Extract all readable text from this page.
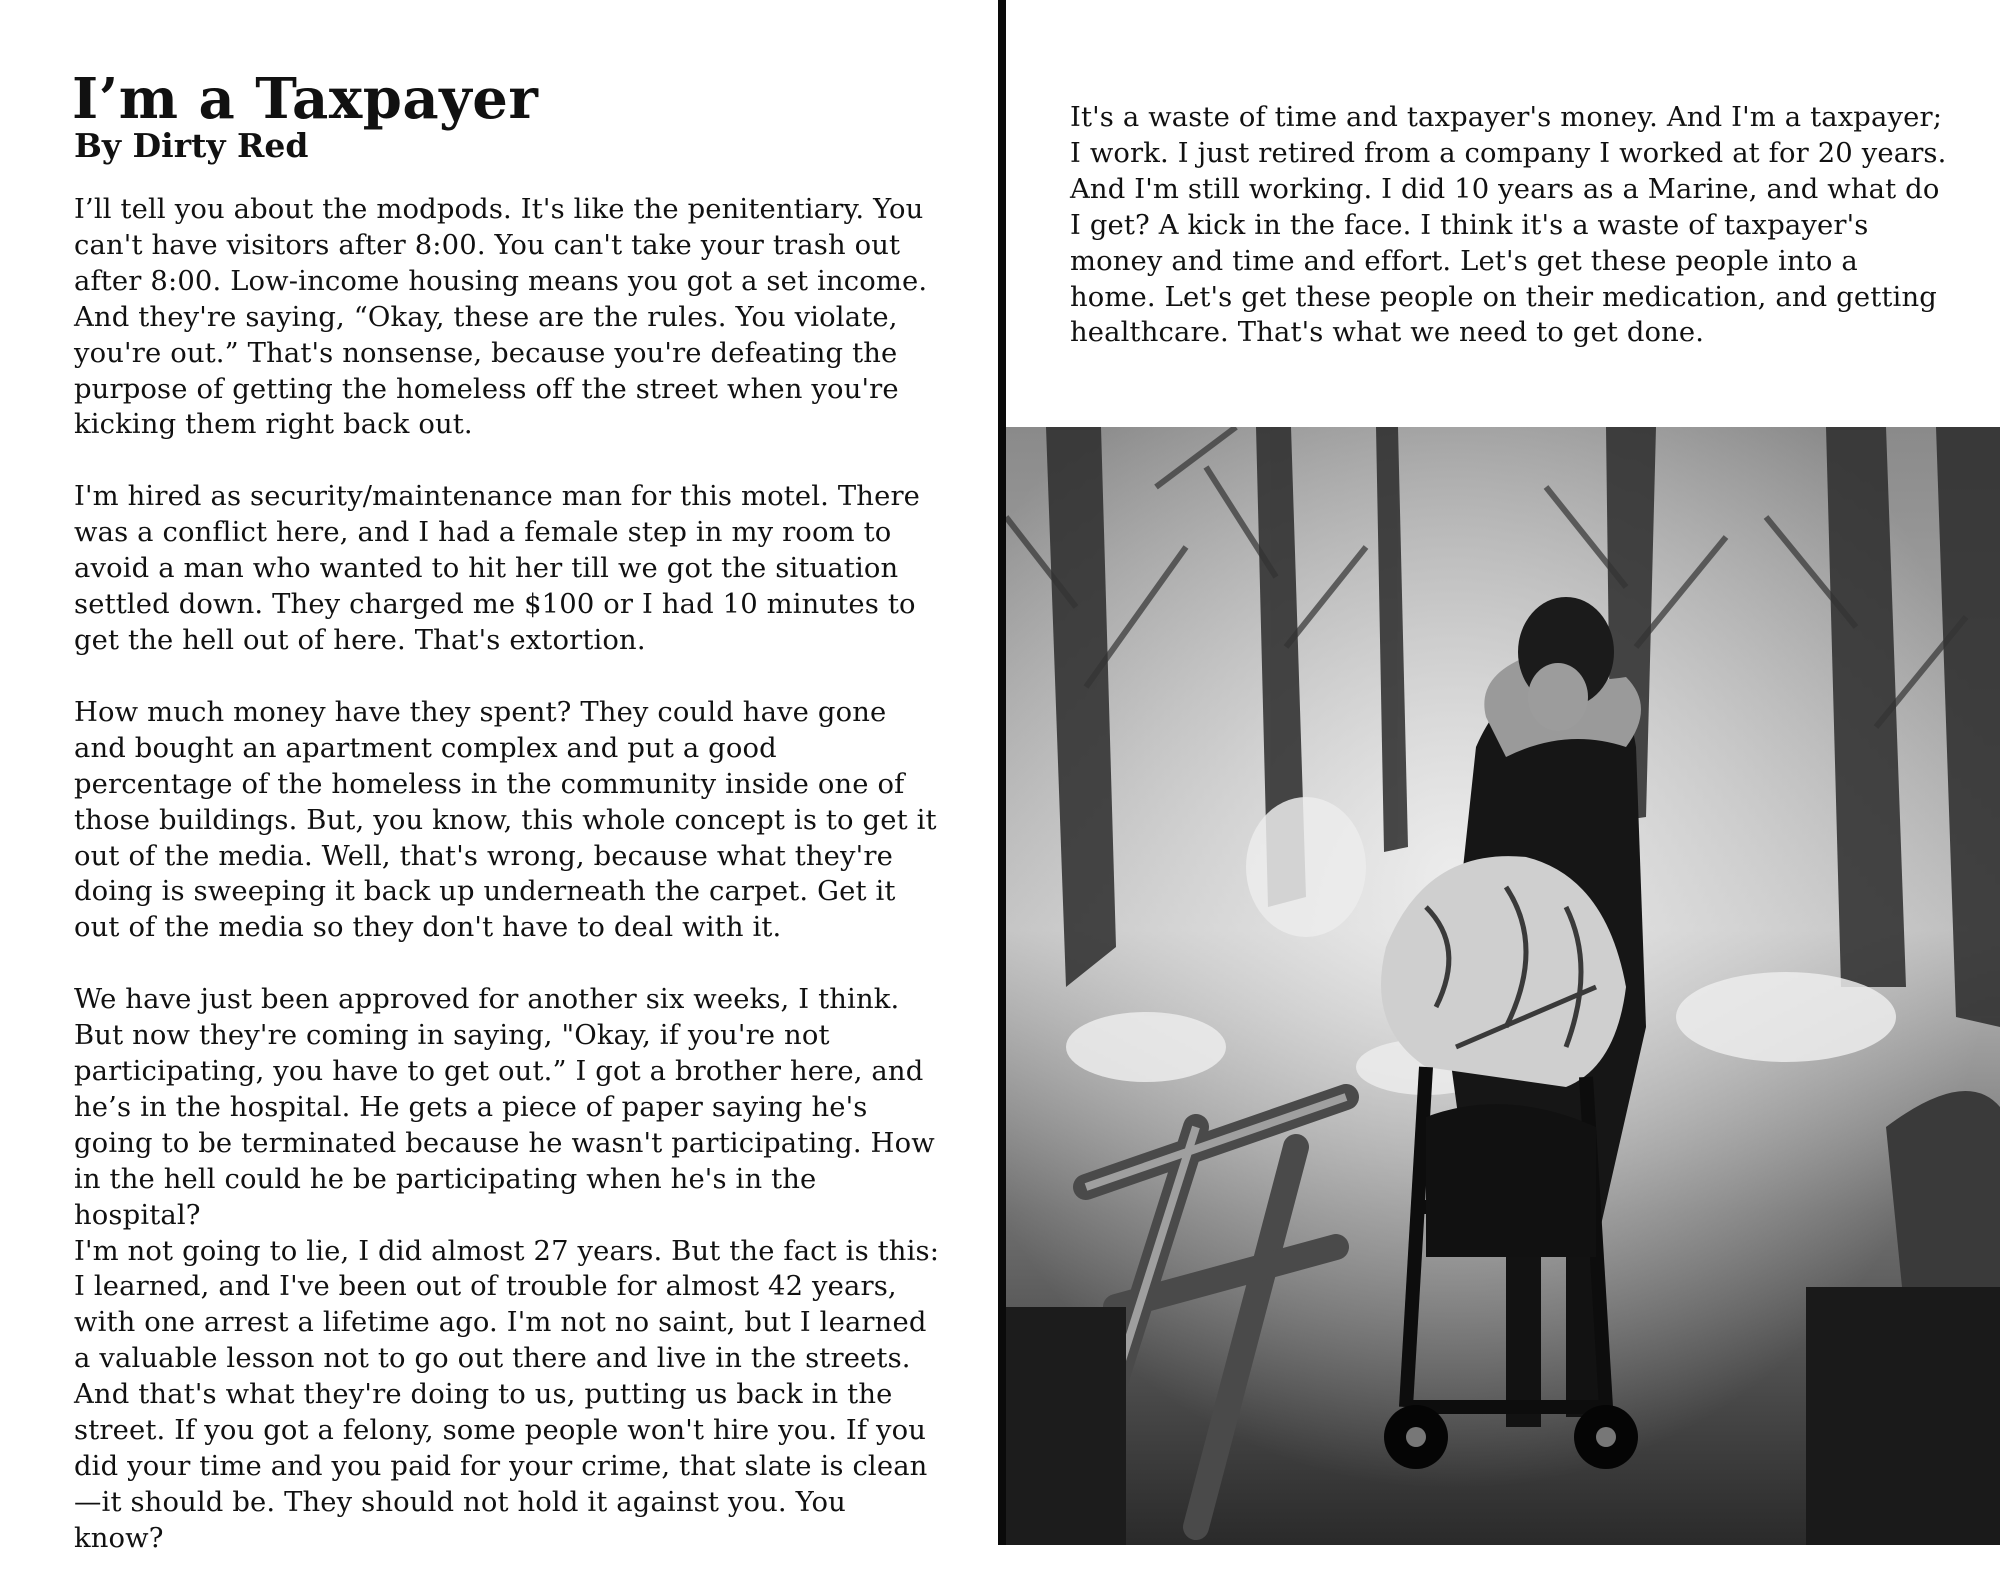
I’m a Taxpayer
By Dirty Red

I’ll tell you about the modpods. It's like the penitentiary. You can't have visitors after 8:00. You can't take your trash out after 8:00. Low-income housing means you got a set income. And they're saying, “Okay, these are the rules. You violate, you're out.” That's nonsense, because you're defeating the purpose of getting the homeless off the street when you're kicking them right back out.

I'm hired as security/maintenance man for this motel. There was a conflict here, and I had a female step in my room to avoid a man who wanted to hit her till we got the situation settled down. They charged me $100 or I had 10 minutes to get the hell out of here. That's extortion.

How much money have they spent? They could have gone and bought an apartment complex and put a good percentage of the homeless in the community inside one of those buildings. But, you know, this whole concept is to get it out of the media. Well, that's wrong, because what they're doing is sweeping it back up underneath the carpet. Get it out of the media so they don't have to deal with it.

We have just been approved for another six weeks, I think. But now they're coming in saying, "Okay, if you're not participating, you have to get out.” I got a brother here, and he’s in the hospital. He gets a piece of paper saying he's going to be terminated because he wasn't participating. How in the hell could he be participating when he's in the hospital?

I'm not going to lie, I did almost 27 years. But the fact is this: I learned, and I've been out of trouble for almost 42 years, with one arrest a lifetime ago. I'm not no saint, but I learned a valuable lesson not to go out there and live in the streets. And that's what they're doing to us, putting us back in the street. If you got a felony, some people won't hire you. If you did your time and you paid for your crime, that slate is clean—it should be. They should not hold it against you. You know?

It's a waste of time and taxpayer's money. And I'm a taxpayer; I work. I just retired from a company I worked at for 20 years. And I'm still working. I did 10 years as a Marine, and what do I get? A kick in the face. I think it's a waste of taxpayer's money and time and effort. Let's get these people into a home. Let's get these people on their medication, and getting healthcare. That's what we need to get done.
